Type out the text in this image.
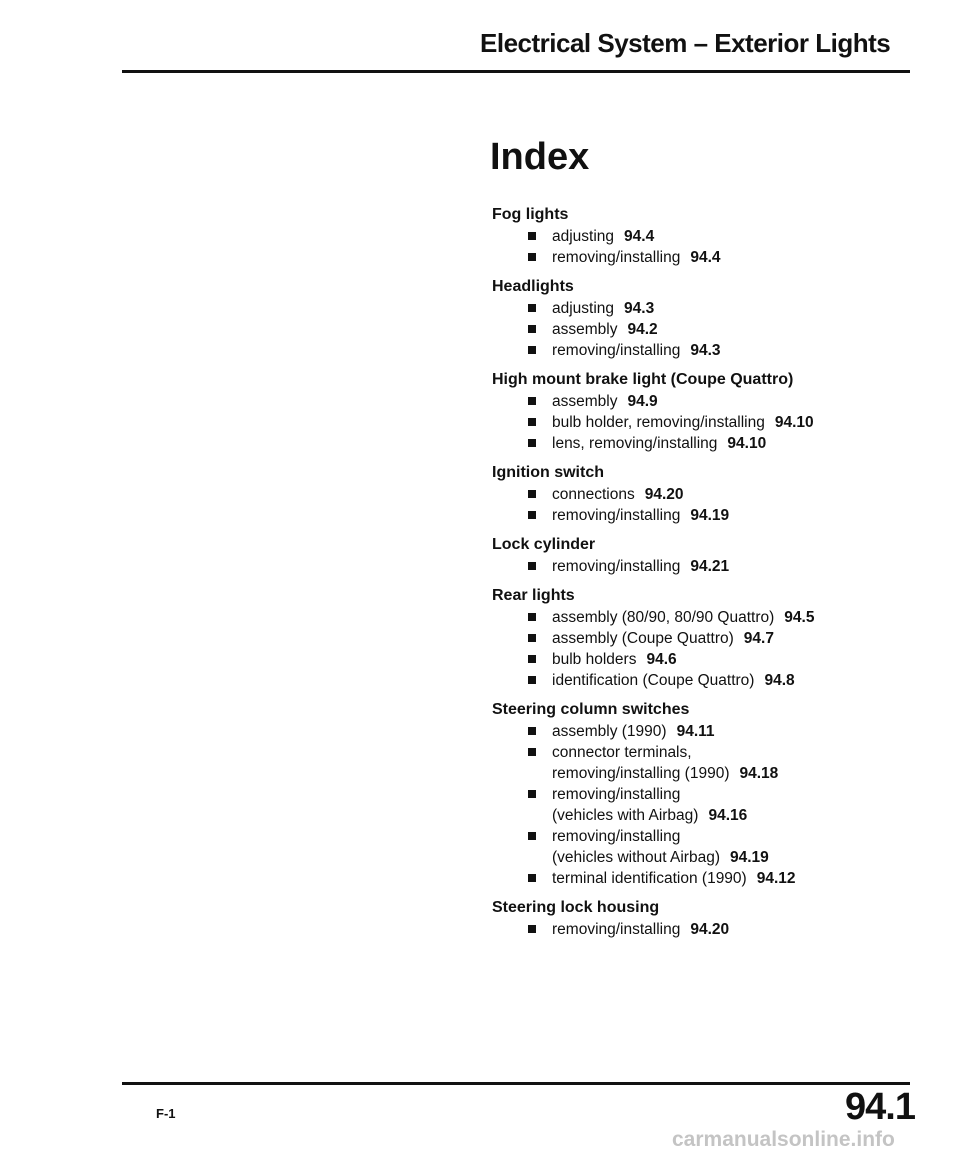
Electrical System – Exterior Lights
Index
Fog lights
adjusting 94.4
removing/installing 94.4
Headlights
adjusting 94.3
assembly 94.2
removing/installing 94.3
High mount brake light (Coupe Quattro)
assembly 94.9
bulb holder, removing/installing 94.10
lens, removing/installing 94.10
Ignition switch
connections 94.20
removing/installing 94.19
Lock cylinder
removing/installing 94.21
Rear lights
assembly (80/90, 80/90 Quattro) 94.5
assembly (Coupe Quattro) 94.7
bulb holders 94.6
identification (Coupe Quattro) 94.8
Steering column switches
assembly (1990) 94.11
connector terminals,
removing/installing (1990) 94.18
removing/installing
(vehicles with Airbag) 94.16
removing/installing
(vehicles without Airbag) 94.19
terminal identification (1990) 94.12
Steering lock housing
removing/installing 94.20
F-1	94.1
carmanualsonline.info
